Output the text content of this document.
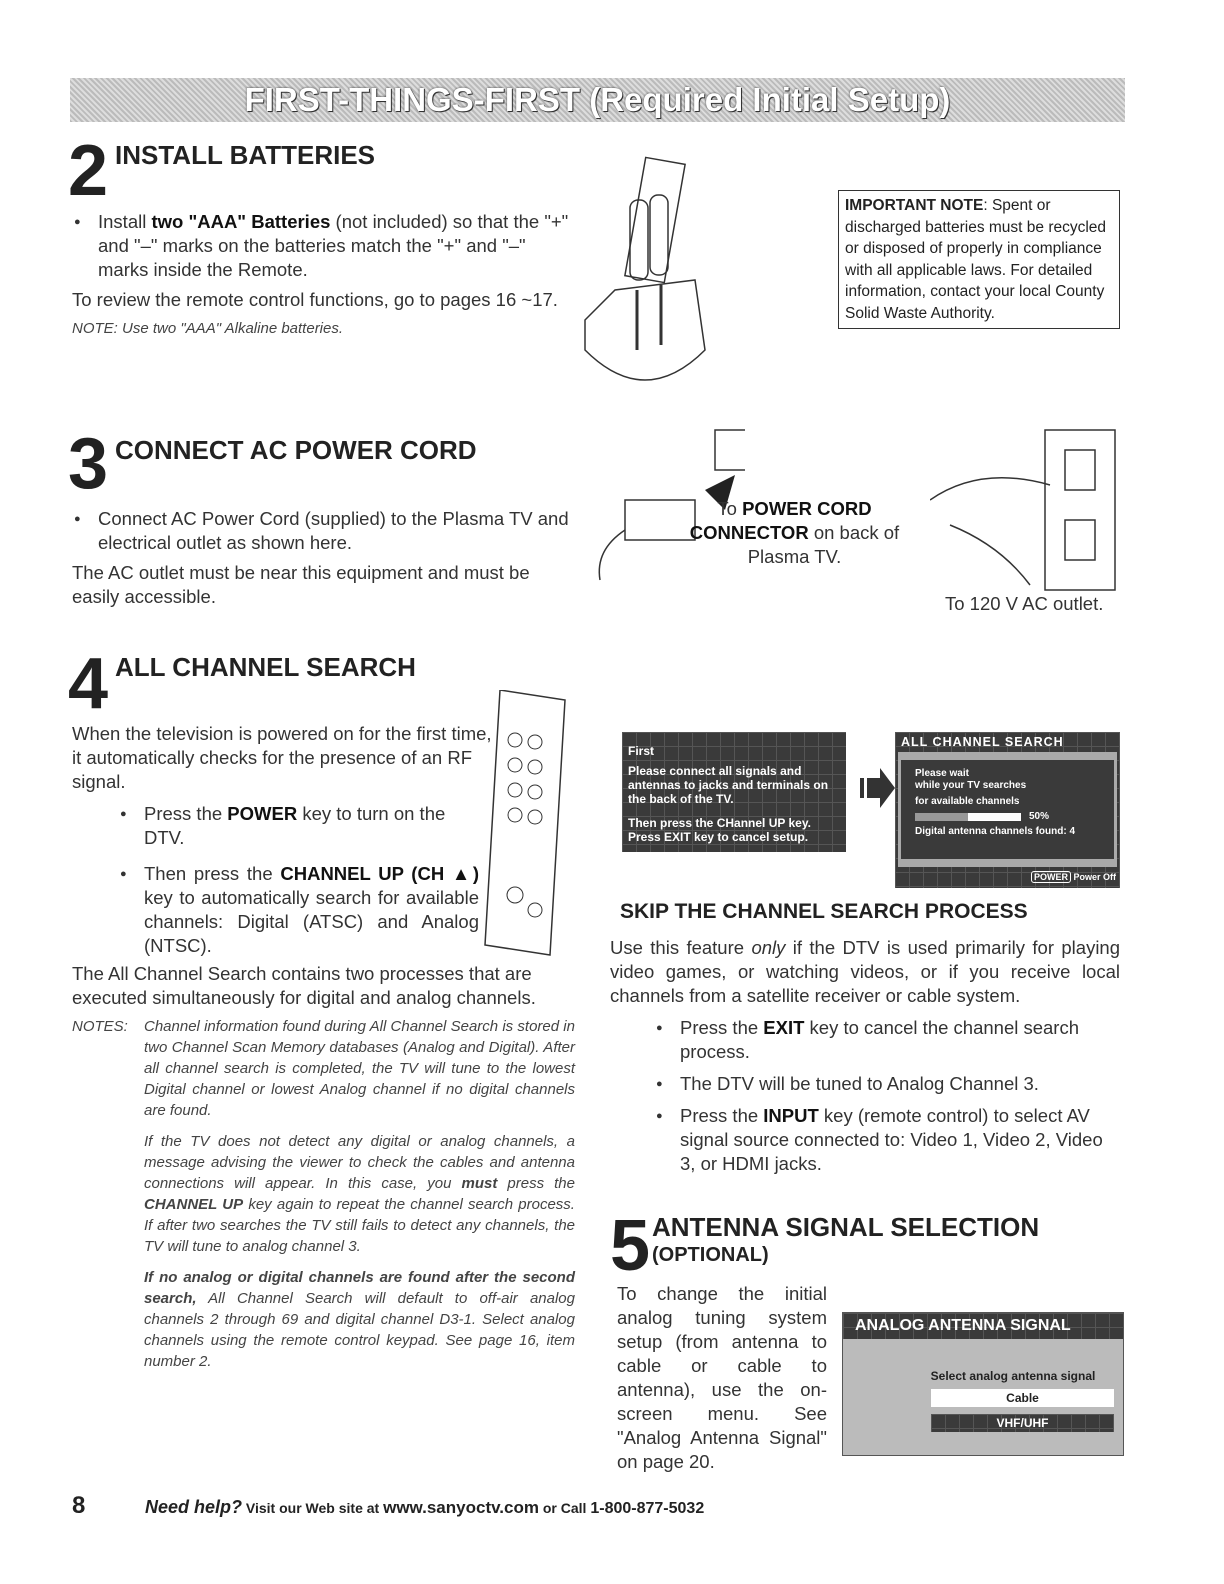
FIRST-THINGS-FIRST (Required Initial Setup)
2 INSTALL BATTERIES
● Install two "AAA" Batteries (not included) so that the "+" and "–" marks on the batteries match the "+" and "–" marks inside the Remote.
To review the remote control functions, go to pages 16 ~17.
NOTE: Use two "AAA" Alkaline batteries.
IMPORTANT NOTE: Spent or discharged batteries must be recycled or disposed of properly in compliance with all applicable laws. For detailed information, contact your local County Solid Waste Authority.
3 CONNECT AC POWER CORD
● Connect AC Power Cord (supplied) to the Plasma TV and electrical outlet as shown here.
The AC outlet must be near this equipment and must be easily accessible.
To POWER CORD CONNECTOR on back of Plasma TV.
To 120 V AC outlet.
4 ALL CHANNEL SEARCH
When the television is powered on for the first time, it automatically checks for the presence of an RF signal.
● Press the POWER key to turn on the DTV.
● Then press the CHANNEL UP (CH ▲) key to automatically search for available channels: Digital (ATSC) and Analog (NTSC).
The All Channel Search contains two processes that are executed simultaneously for digital and analog channels.
NOTES:	Channel information found during All Channel Search is stored in two Channel Scan Memory databases (Analog and Digital). After all channel search is completed, the TV will tune to the lowest Digital channel or lowest Analog channel if no digital channels are found.
If the TV does not detect any digital or analog channels, a message advising the viewer to check the cables and antenna connections will appear. In this case, you must press the CHANNEL UP key again to repeat the channel search process. If after two searches the TV still fails to detect any channels, the TV will tune to analog channel 3.
If no analog or digital channels are found after the second search, All Channel Search will default to off-air analog channels 2 through 69 and digital channel D3-1. Select analog channels using the remote control keypad. See page 16, item number 2.
First
Please connect all signals and antennas to jacks and terminals on the back of the TV.
Then press the CHannel UP key.
Press EXIT key to cancel setup.
ALL CHANNEL SEARCH
Please wait
while your TV searches
for available channels
50%
Digital antenna channels found: 4
POWER Power Off
SKIP THE CHANNEL SEARCH PROCESS
Use this feature only if the DTV is used primarily for playing video games, or watching videos, or if you receive local channels from a satellite receiver or cable system.
● Press the EXIT key to cancel the channel search process.
● The DTV will be tuned to Analog Channel 3.
● Press the INPUT key (remote control) to select AV signal source connected to: Video 1, Video 2, Video 3, or HDMI jacks.
5 ANTENNA SIGNAL SELECTION
(OPTIONAL)
To change the initial analog tuning system setup (from antenna to cable or cable to antenna), use the on-screen menu. See "Analog Antenna Signal" on page 20.
ANALOG ANTENNA SIGNAL
Select analog antenna signal
Cable
VHF/UHF
8	Need help? Visit our Web site at www.sanyoctv.com or Call 1-800-877-5032
